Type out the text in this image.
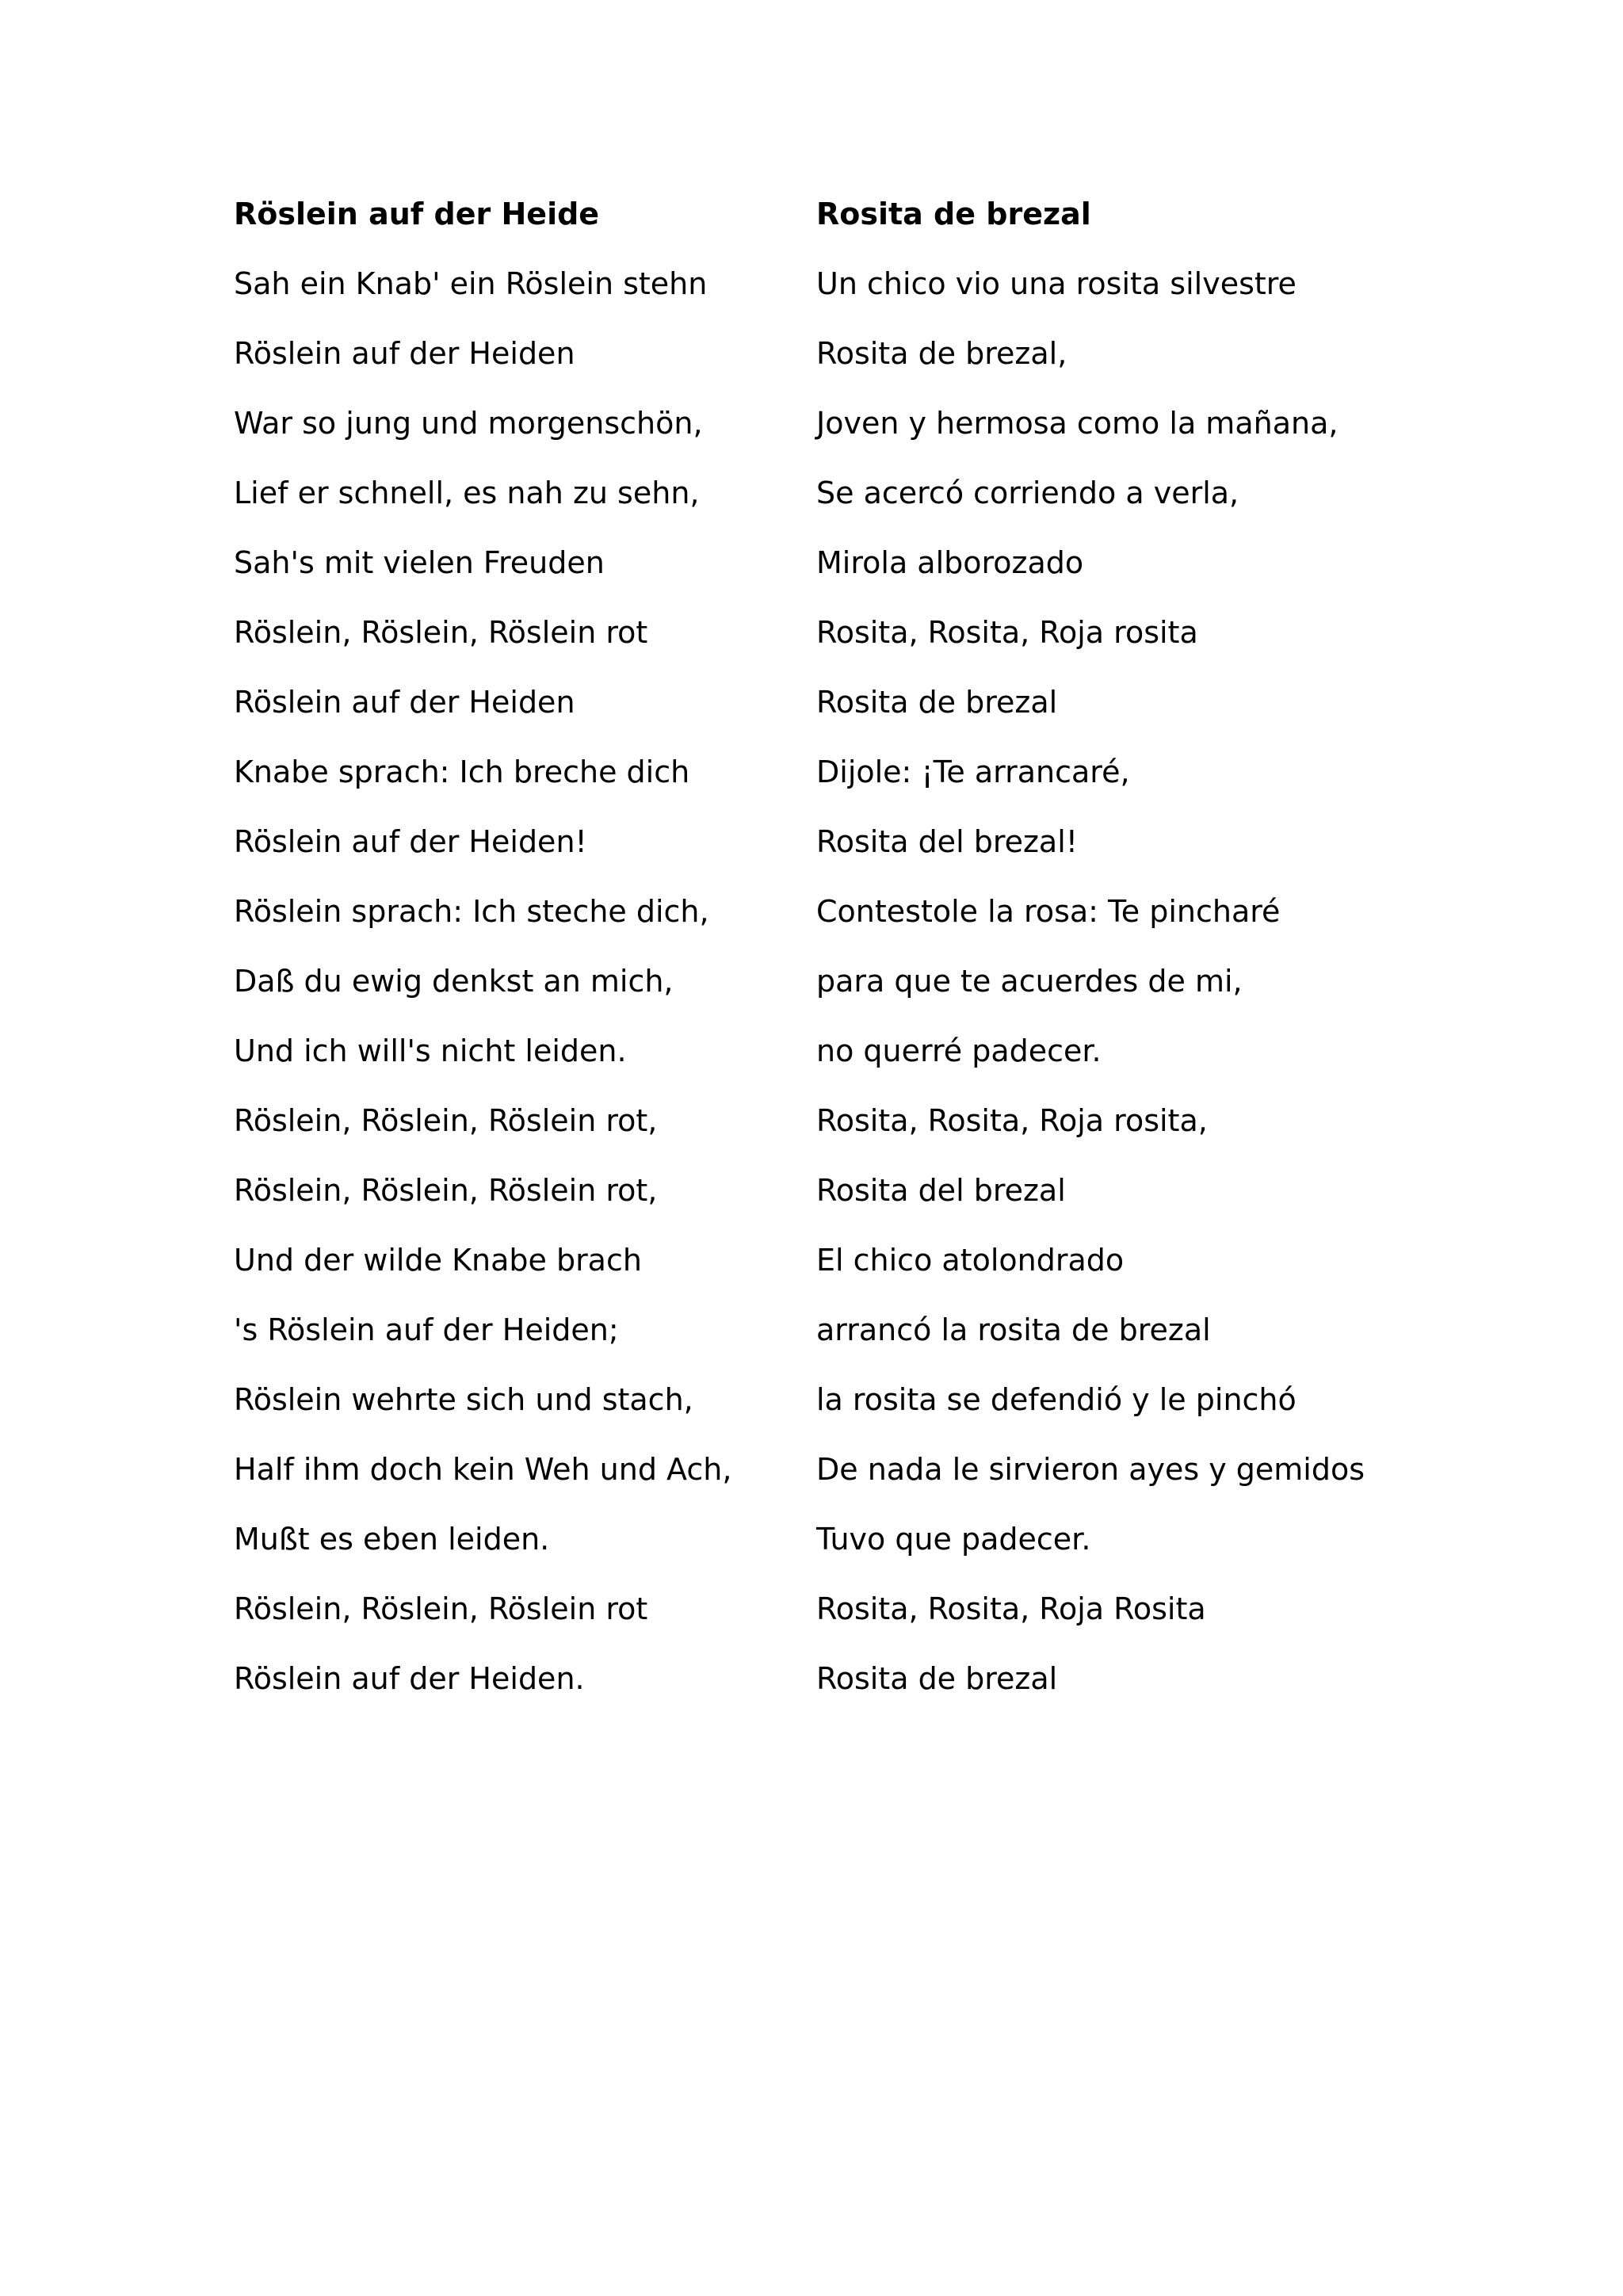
Röslein auf der Heide	Rosita de brezal
Sah ein Knab' ein Röslein stehn	Un chico vio una rosita silvestre
Röslein auf der Heiden	Rosita de brezal,
War so jung und morgenschön,	Joven y hermosa como la mañana,
Lief er schnell, es nah zu sehn,	Se acercó corriendo a verla,
Sah's mit vielen Freuden	Mirola alborozado
Röslein, Röslein, Röslein rot	Rosita, Rosita, Roja rosita
Röslein auf der Heiden	Rosita de brezal
Knabe sprach: Ich breche dich	Dijole: ¡Te arrancaré,
Röslein auf der Heiden!	Rosita del brezal!
Röslein sprach: Ich steche dich,	Contestole la rosa: Te pincharé
Daß du ewig denkst an mich,	para que te acuerdes de mi,
Und ich will's nicht leiden.	no querré padecer.
Röslein, Röslein, Röslein rot,	Rosita, Rosita, Roja rosita,
Röslein, Röslein, Röslein rot,	Rosita del brezal
Und der wilde Knabe brach	El chico atolondrado
's Röslein auf der Heiden;	arrancó la rosita de brezal
Röslein wehrte sich und stach,	la rosita se defendió y le pinchó
Half ihm doch kein Weh und Ach,	De nada le sirvieron ayes y gemidos
Mußt es eben leiden.	Tuvo que padecer.
Röslein, Röslein, Röslein rot	Rosita, Rosita, Roja Rosita
Röslein auf der Heiden.	Rosita de brezal
